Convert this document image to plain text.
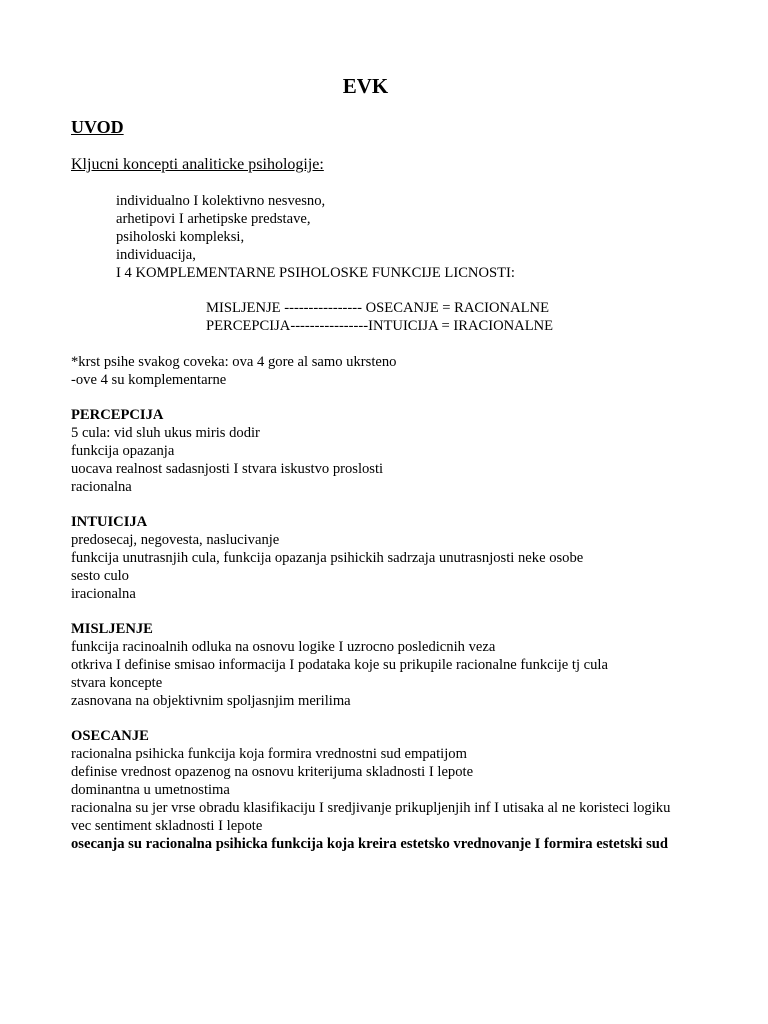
EVK
UVOD
Kljucni koncepti analiticke psihologije:
individualno I kolektivno nesvesno,
arhetipovi I arhetipske predstave,
psiholoski kompleksi,
individuacija,
I 4 KOMPLEMENTARNE PSIHOLOSKE FUNKCIJE LICNOSTI:
MISLJENJE ---------------- OSECANJE = RACIONALNE
PERCEPCIJA----------------INTUICIJA = IRACIONALNE
*krst psihe svakog coveka: ova 4 gore al samo ukrsteno
-ove 4 su komplementarne
PERCEPCIJA
5 cula: vid sluh ukus miris dodir
funkcija opazanja
uocava realnost sadasnjosti I stvara iskustvo proslosti
racionalna
INTUICIJA
predosecaj, negovesta, naslucivanje
funkcija unutrasnjih cula, funkcija opazanja psihickih sadrzaja unutrasnjosti neke osobe
sesto culo
iracionalna
MISLJENJE
funkcija racinoalnih odluka na osnovu logike I uzrocno posledicnih veza
otkriva I definise smisao informacija I podataka koje su prikupile racionalne funkcije tj cula
stvara koncepte
zasnovana na objektivnim spoljasnjim merilima
OSECANJE
racionalna psihicka funkcija koja formira vrednostni sud empatijom
definise vrednost opazenog na osnovu kriterijuma skladnosti I lepote
dominantna u umetnostima
racionalna su jer vrse obradu klasifikaciju I sredjivanje prikupljenjih inf I utisaka al ne koristeci logiku
vec sentiment skladnosti I lepote
osecanja su racionalna psihicka funkcija koja kreira estetsko vrednovanje I formira estetski sud
